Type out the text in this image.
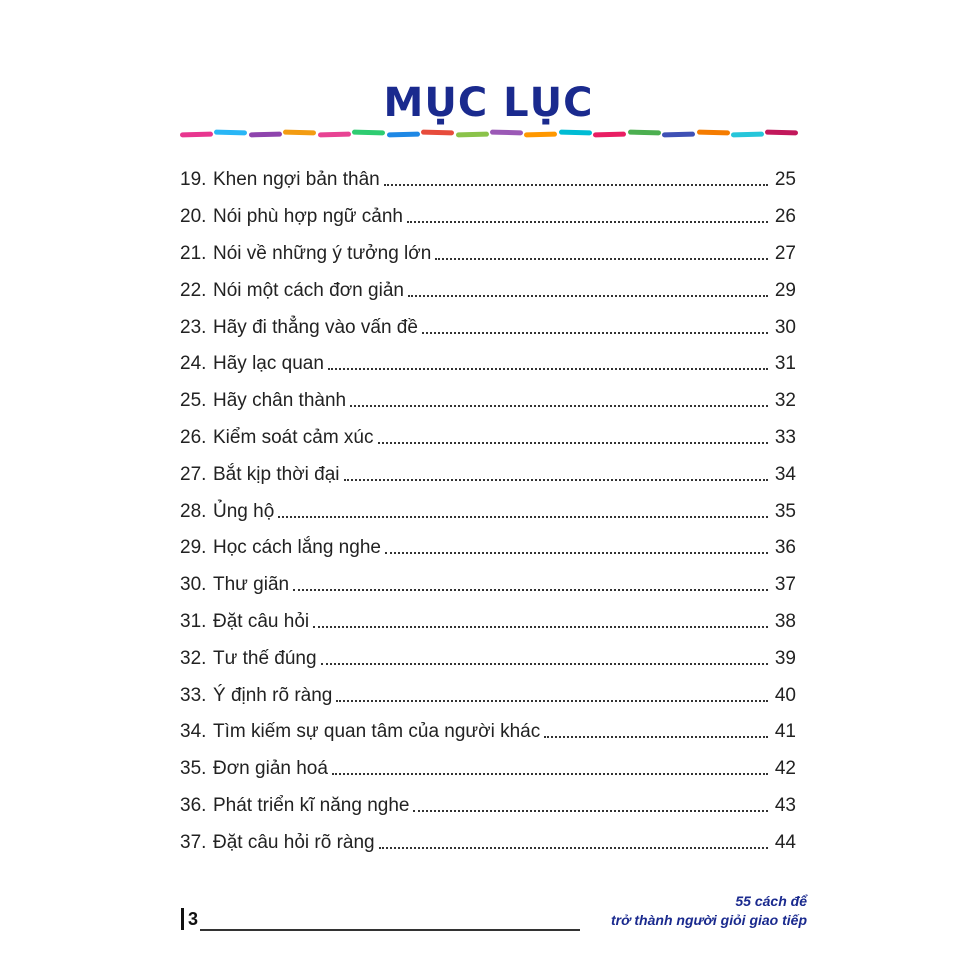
MỤC LỤC
19. Khen ngợi bản thân	25
20. Nói phù hợp ngữ cảnh	26
21. Nói về những ý tưởng lớn	27
22. Nói một cách đơn giản	29
23. Hãy đi thẳng vào vấn đề	30
24. Hãy lạc quan	31
25. Hãy chân thành	32
26. Kiểm soát cảm xúc	33
27. Bắt kịp thời đại	34
28. Ủng hộ	35
29. Học cách lắng nghe	36
30. Thư giãn	37
31. Đặt câu hỏi	38
32. Tư thế đúng	39
33. Ý định rõ ràng	40
34. Tìm kiếm sự quan tâm của người khác	41
35. Đơn giản hoá	42
36. Phát triển kĩ năng nghe	43
37. Đặt câu hỏi rõ ràng	44
3
55 cách để
trở thành người giỏi giao tiếp
